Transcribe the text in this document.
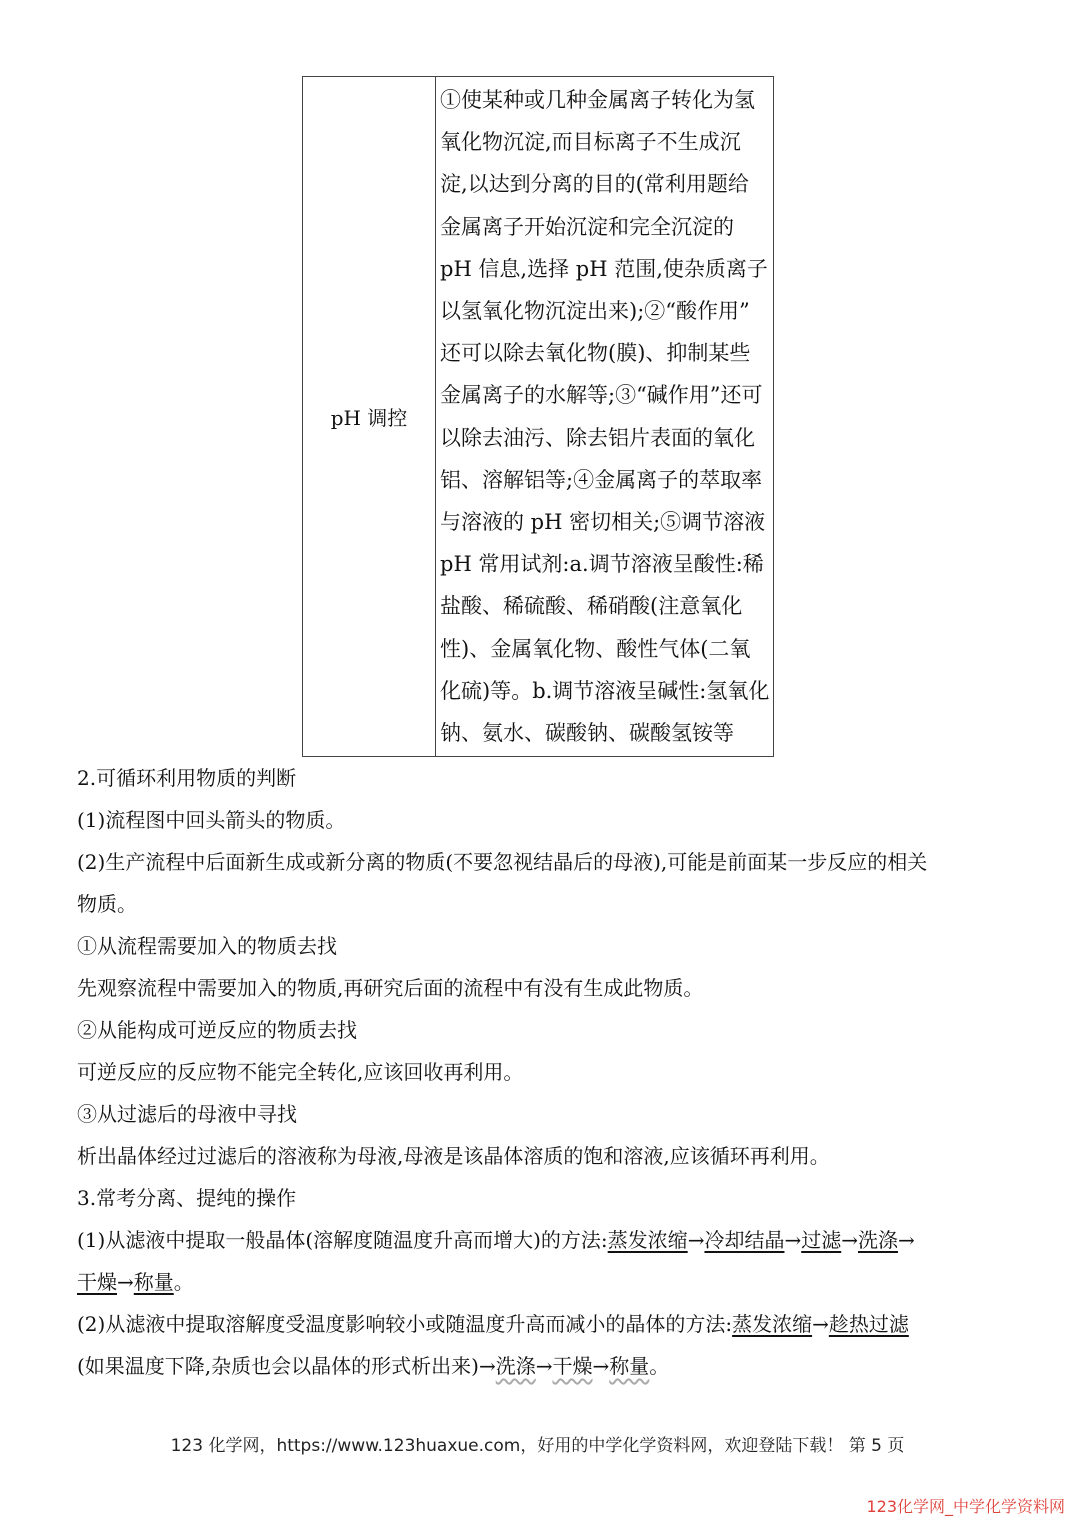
pH 调控
①使某种或几种金属离子转化为氢
氧化物沉淀,而目标离子不生成沉
淀,以达到分离的目的(常利用题给
金属离子开始沉淀和完全沉淀的
pH 信息,选择 pH 范围,使杂质离子
以氢氧化物沉淀出来);②“酸作用”
还可以除去氧化物(膜)、抑制某些
金属离子的水解等;③“碱作用”还可
以除去油污、除去铝片表面的氧化
铝、溶解铝等;④金属离子的萃取率
与溶液的 pH 密切相关;⑤调节溶液
pH 常用试剂:a.调节溶液呈酸性:稀
盐酸、稀硫酸、稀硝酸(注意氧化
性)、金属氧化物、酸性气体(二氧
化硫)等。b.调节溶液呈碱性:氢氧化
钠、氨水、碳酸钠、碳酸氢铵等
2.可循环利用物质的判断
(1)流程图中回头箭头的物质。
(2)生产流程中后面新生成或新分离的物质(不要忽视结晶后的母液),可能是前面某一步反应的相关
物质。
①从流程需要加入的物质去找
先观察流程中需要加入的物质,再研究后面的流程中有没有生成此物质。
②从能构成可逆反应的物质去找
可逆反应的反应物不能完全转化,应该回收再利用。
③从过滤后的母液中寻找
析出晶体经过过滤后的溶液称为母液,母液是该晶体溶质的饱和溶液,应该循环再利用。
3.常考分离、提纯的操作
(1)从滤液中提取一般晶体(溶解度随温度升高而增大)的方法:蒸发浓缩→冷却结晶→过滤→洗涤→
干燥→称量。
(2)从滤液中提取溶解度受温度影响较小或随温度升高而减小的晶体的方法:蒸发浓缩→趁热过滤
(如果温度下降,杂质也会以晶体的形式析出来)→洗涤→干燥→称量。
123 化学网，https://www.123huaxue.com，好用的中学化学资料网，欢迎登陆下载！ 第 5 页
123化学网_中学化学资料网
